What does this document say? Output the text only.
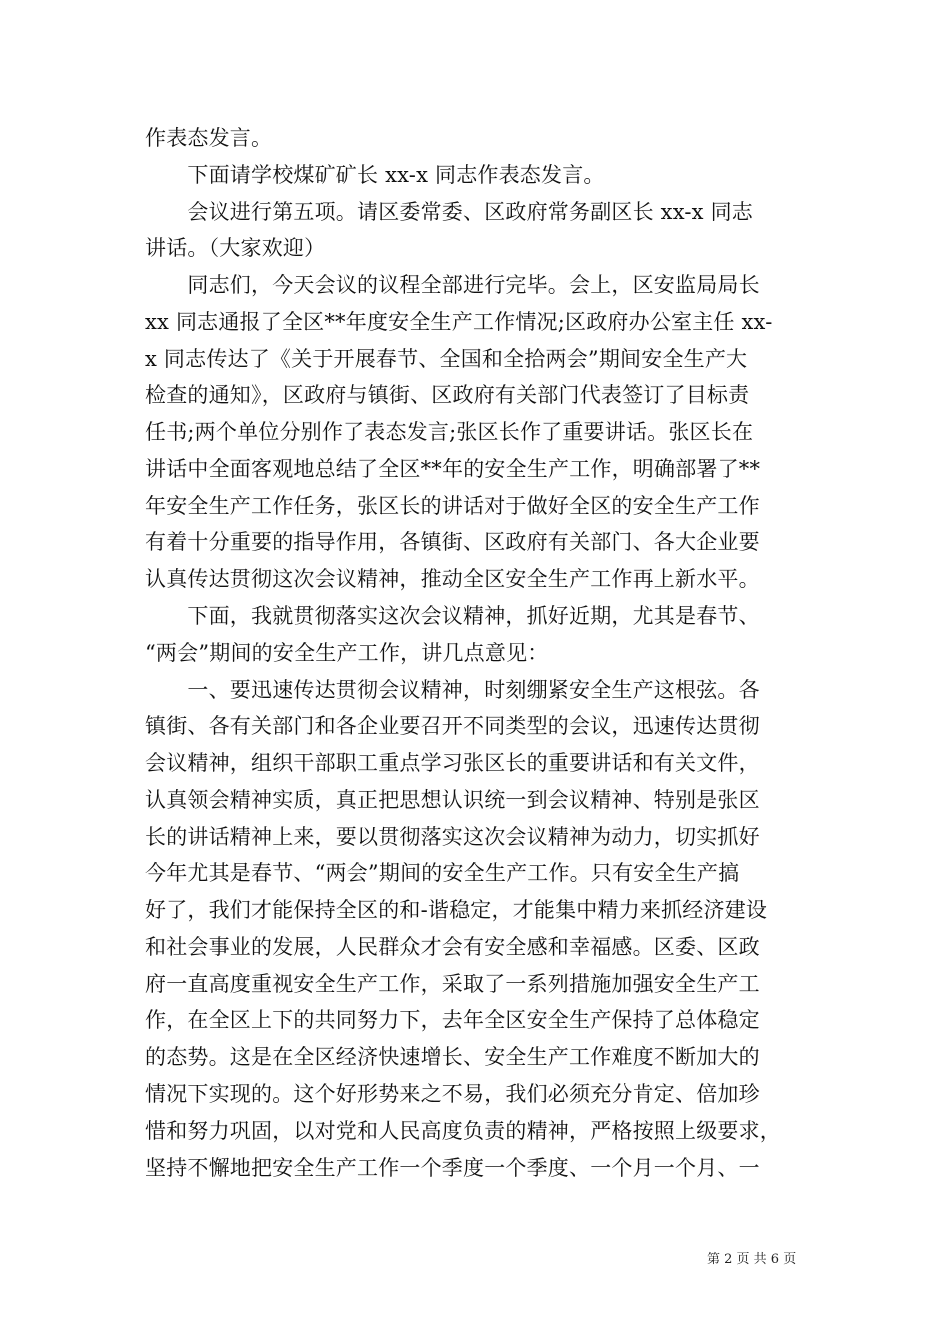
作表态发言。
　　下面请学校煤矿矿长 xx-x 同志作表态发言。
　　会议进行第五项。请区委常委、区政府常务副区长 xx-x 同志
讲话。（大家欢迎）
　　同志们，今天会议的议程全部进行完毕。会上，区安监局局长
xx 同志通报了全区**年度安全生产工作情况;区政府办公室主任 xx-
x 同志传达了《关于开展春节、全国和全拾两会”期间安全生产大
检查的通知》，区政府与镇街、区政府有关部门代表签订了目标责
任书;两个单位分别作了表态发言;张区长作了重要讲话。张区长在
讲话中全面客观地总结了全区**年的安全生产工作，明确部署了**
年安全生产工作任务，张区长的讲话对于做好全区的安全生产工作
有着十分重要的指导作用，各镇街、区政府有关部门、各大企业要
认真传达贯彻这次会议精神，推动全区安全生产工作再上新水平。
　　下面，我就贯彻落实这次会议精神，抓好近期，尤其是春节、
“两会”期间的安全生产工作，讲几点意见：
　　一、要迅速传达贯彻会议精神，时刻绷紧安全生产这根弦。各
镇街、各有关部门和各企业要召开不同类型的会议，迅速传达贯彻
会议精神，组织干部职工重点学习张区长的重要讲话和有关文件，
认真领会精神实质，真正把思想认识统一到会议精神、特别是张区
长的讲话精神上来，要以贯彻落实这次会议精神为动力，切实抓好
今年尤其是春节、“两会”期间的安全生产工作。只有安全生产搞
好了，我们才能保持全区的和-谐稳定，才能集中精力来抓经济建设
和社会事业的发展，人民群众才会有安全感和幸福感。区委、区政
府一直高度重视安全生产工作，采取了一系列措施加强安全生产工
作，在全区上下的共同努力下，去年全区安全生产保持了总体稳定
的态势。这是在全区经济快速增长、安全生产工作难度不断加大的
情况下实现的。这个好形势来之不易，我们必须充分肯定、倍加珍
惜和努力巩固，以对党和人民高度负责的精神，严格按照上级要求，
坚持不懈地把安全生产工作一个季度一个季度、一个月一个月、一
第 2 页 共 6 页
